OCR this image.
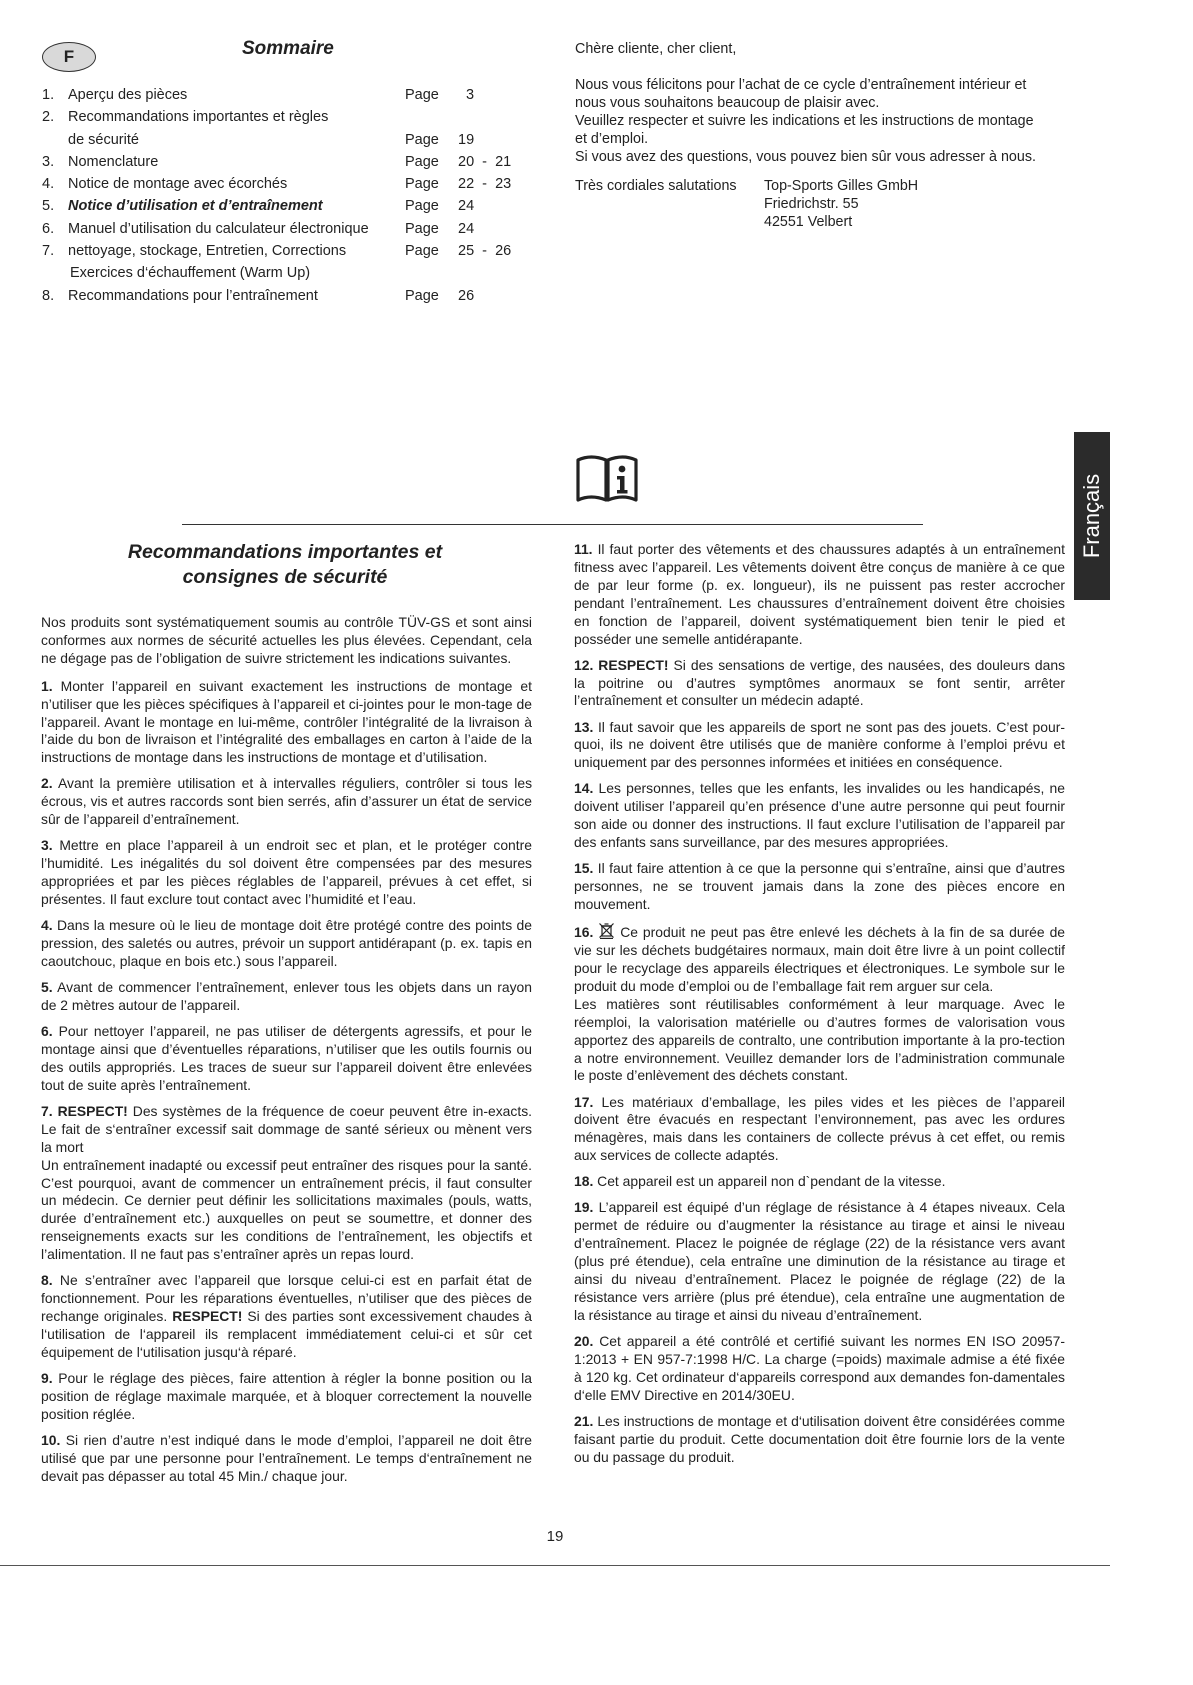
F	Sommaire
1. Aperçu des pièces	Page 3
2. Recommandations importantes et règles
de sécurité	Page 19
3. Nomenclature	Page 20  -  21
4. Notice de montage avec écorchés	Page 22  -  23
5. Notice d’utilisation et d’entraînement	Page 24
6. Manuel d’utilisation du calculateur électronique	Page 24
7. nettoyage, stockage, Entretien, Corrections	Page 25  -  26
Exercices d‘échauffement (Warm Up)
8. Recommandations pour l’entraînement	Page 26

Chère cliente, cher client,

Nous vous félicitons pour l’achat de ce cycle d’entraînement intérieur et

nous vous souhaitons beaucoup de plaisir avec.

Veuillez respecter et suivre les indications et les instructions de montage

et d’emploi.

Si vous avez des questions, vous pouvez bien sûr vous adresser à nous.

Très cordiales salutations Top-Sports Gilles GmbH
Friedrichstr. 55
42551 Velbert
Français
Recommandations importantes et
consignes de sécurité

Nos produits sont systématiquement soumis au contrôle TÜV-GS et sont ainsi conformes aux normes de sécurité actuelles les plus élevées. Cependant, cela ne dégage pas de l’obligation de suivre strictement les indications suivantes.

1. Monter l’appareil en suivant exactement les instructions de montage et n’utiliser que les pièces spécifiques à l’appareil et ci-jointes pour le mon-tage de l’appareil. Avant le montage en lui-même, contrôler l’intégralité de la livraison à l’aide du bon de livraison et l’intégralité des emballages en carton à l’aide de la instructions de montage dans les instructions de montage et d’utilisation.

2. Avant la première utilisation et à intervalles réguliers, contrôler si tous les écrous, vis et autres raccords sont bien serrés, afin d’assurer un état de service sûr de l’appareil d’entraînement.

3. Mettre en place l’appareil à un endroit sec et plan, et le protéger contre l’humidité. Les inégalités du sol doivent être compensées par des mesures appropriées et par les pièces réglables de l’appareil, prévues à cet effet, si présentes. Il faut exclure tout contact avec l’humidité et l’eau.

4. Dans la mesure où le lieu de montage doit être protégé contre des points de pression, des saletés ou autres, prévoir un support antidérapant (p. ex. tapis en caoutchouc, plaque en bois etc.) sous l’appareil.

5. Avant de commencer l’entraînement, enlever tous les objets dans un rayon de 2 mètres autour de l’appareil.

6. Pour nettoyer l’appareil, ne pas utiliser de détergents agressifs, et pour le montage ainsi que d’éventuelles réparations, n’utiliser que les outils fournis ou des outils appropriés. Les traces de sueur sur l’appareil doivent être enlevées tout de suite après l’entraînement.

7. RESPECT! Des systèmes de la fréquence de coeur peuvent être in-exacts. Le fait de s‘entraîner excessif sait dommage de santé sérieux ou mènent vers la mort
Un entraînement inadapté ou excessif peut entraîner des risques pour la santé. C’est pourquoi, avant de commencer un entraînement précis, il faut consulter un médecin. Ce dernier peut définir les sollicitations maximales (pouls, watts, durée d’entraînement etc.) auxquelles on peut se soumettre, et donner des renseignements exacts sur les conditions de l’entraînement, les objectifs et l’alimentation. Il ne faut pas s’entraîner après un repas lourd.

8. Ne s’entraîner avec l’appareil que lorsque celui-ci est en parfait état de fonctionnement. Pour les réparations éventuelles, n’utiliser que des pièces de rechange originales. RESPECT! Si des parties sont excessivement chaudes à l‘utilisation de l‘appareil ils remplacent immédiatement celui-ci et sûr cet équipement de l‘utilisation jusqu‘à réparé.

9. Pour le réglage des pièces, faire attention à régler la bonne position ou la position de réglage maximale marquée, et à bloquer correctement la nouvelle position réglée.

10. Si rien d’autre n’est indiqué dans le mode d’emploi, l’appareil ne doit être utilisé que par une personne pour l’entraînement. Le temps d‘entraînement ne devait pas dépasser au total 45 Min./ chaque jour.

11. Il faut porter des vêtements et des chaussures adaptés à un entraînement fitness avec l’appareil. Les vêtements doivent être conçus de manière à ce que de par leur forme (p. ex. longueur), ils ne puissent pas rester accrocher pendant l’entraînement. Les chaussures d’entraînement doivent être choisies en fonction de l’appareil, doivent systématiquement bien tenir le pied et posséder une semelle antidérapante.

12. RESPECT! Si des sensations de vertige, des nausées, des douleurs dans la poitrine ou d’autres symptômes anormaux se font sentir, arrêter l’entraînement et consulter un médecin adapté.

13. Il faut savoir que les appareils de sport ne sont pas des jouets. C’est pour-quoi, ils ne doivent être utilisés que de manière conforme à l’emploi prévu et uniquement par des personnes informées et initiées en conséquence.

14. Les personnes, telles que les enfants, les invalides ou les handicapés, ne doivent utiliser l’appareil qu’en présence d’une autre personne qui peut fournir son aide ou donner des instructions. Il faut exclure l’utilisation de l’appareil par des enfants sans surveillance, par des mesures appropriées.

15. Il faut faire attention à ce que la personne qui s’entraîne, ainsi que d’autres personnes, ne se trouvent jamais dans la zone des pièces encore en mouvement.

16. Ce produit ne peut pas être enlevé les déchets à la fin de sa durée de vie sur les déchets budgétaires normaux, main doit être livre à un point collectif pour le recyclage des appareils électriques et électroniques. Le symbole sur le produit du mode d’emploi ou de l’emballage fait rem arguer sur cela.
Les matières sont réutilisables conformément à leur marquage. Avec le réemploi, la valorisation matérielle ou d’autres formes de valorisation vous apportez des appareils de contralto, une contribution importante à la pro-tection a notre environnement. Veuillez demander lors de l’administration communale le poste d’enlèvement des déchets constant.

17. Les matériaux d’emballage, les piles vides et les pièces de l’appareil doivent être évacués en respectant l’environnement, pas avec les ordures ménagères, mais dans les containers de collecte prévus à cet effet, ou remis aux services de collecte adaptés.

18. Cet appareil est un appareil non d`pendant de la vitesse.

19. L’appareil est équipé d’un réglage de résistance à 4 étapes niveaux. Cela permet de réduire ou d’augmenter la résistance au tirage et ainsi le niveau d’entraînement. Placez le poignée de réglage (22) de la résistance vers avant (plus pré étendue), cela entraîne une diminution de la résistance au tirage et ainsi du niveau d’entraînement. Placez le poignée de réglage (22) de la résistance vers arrière (plus pré étendue), cela entraîne une augmentation de la résistance au tirage et ainsi du niveau d’entraînement.

20. Cet appareil a été contrôlé et certifié suivant les normes EN ISO 20957-1:2013 + EN 957-7:1998 H/C. La charge (=poids) maximale admise a été fixée à 120 kg. Cet ordinateur d‘appareils correspond aux demandes fon-damentales d‘elle EMV Directive en 2014/30EU.

21. Les instructions de montage et d‘utilisation doivent être considérées comme faisant partie du produit. Cette documentation doit être fournie lors de la vente ou du passage du produit.

19
